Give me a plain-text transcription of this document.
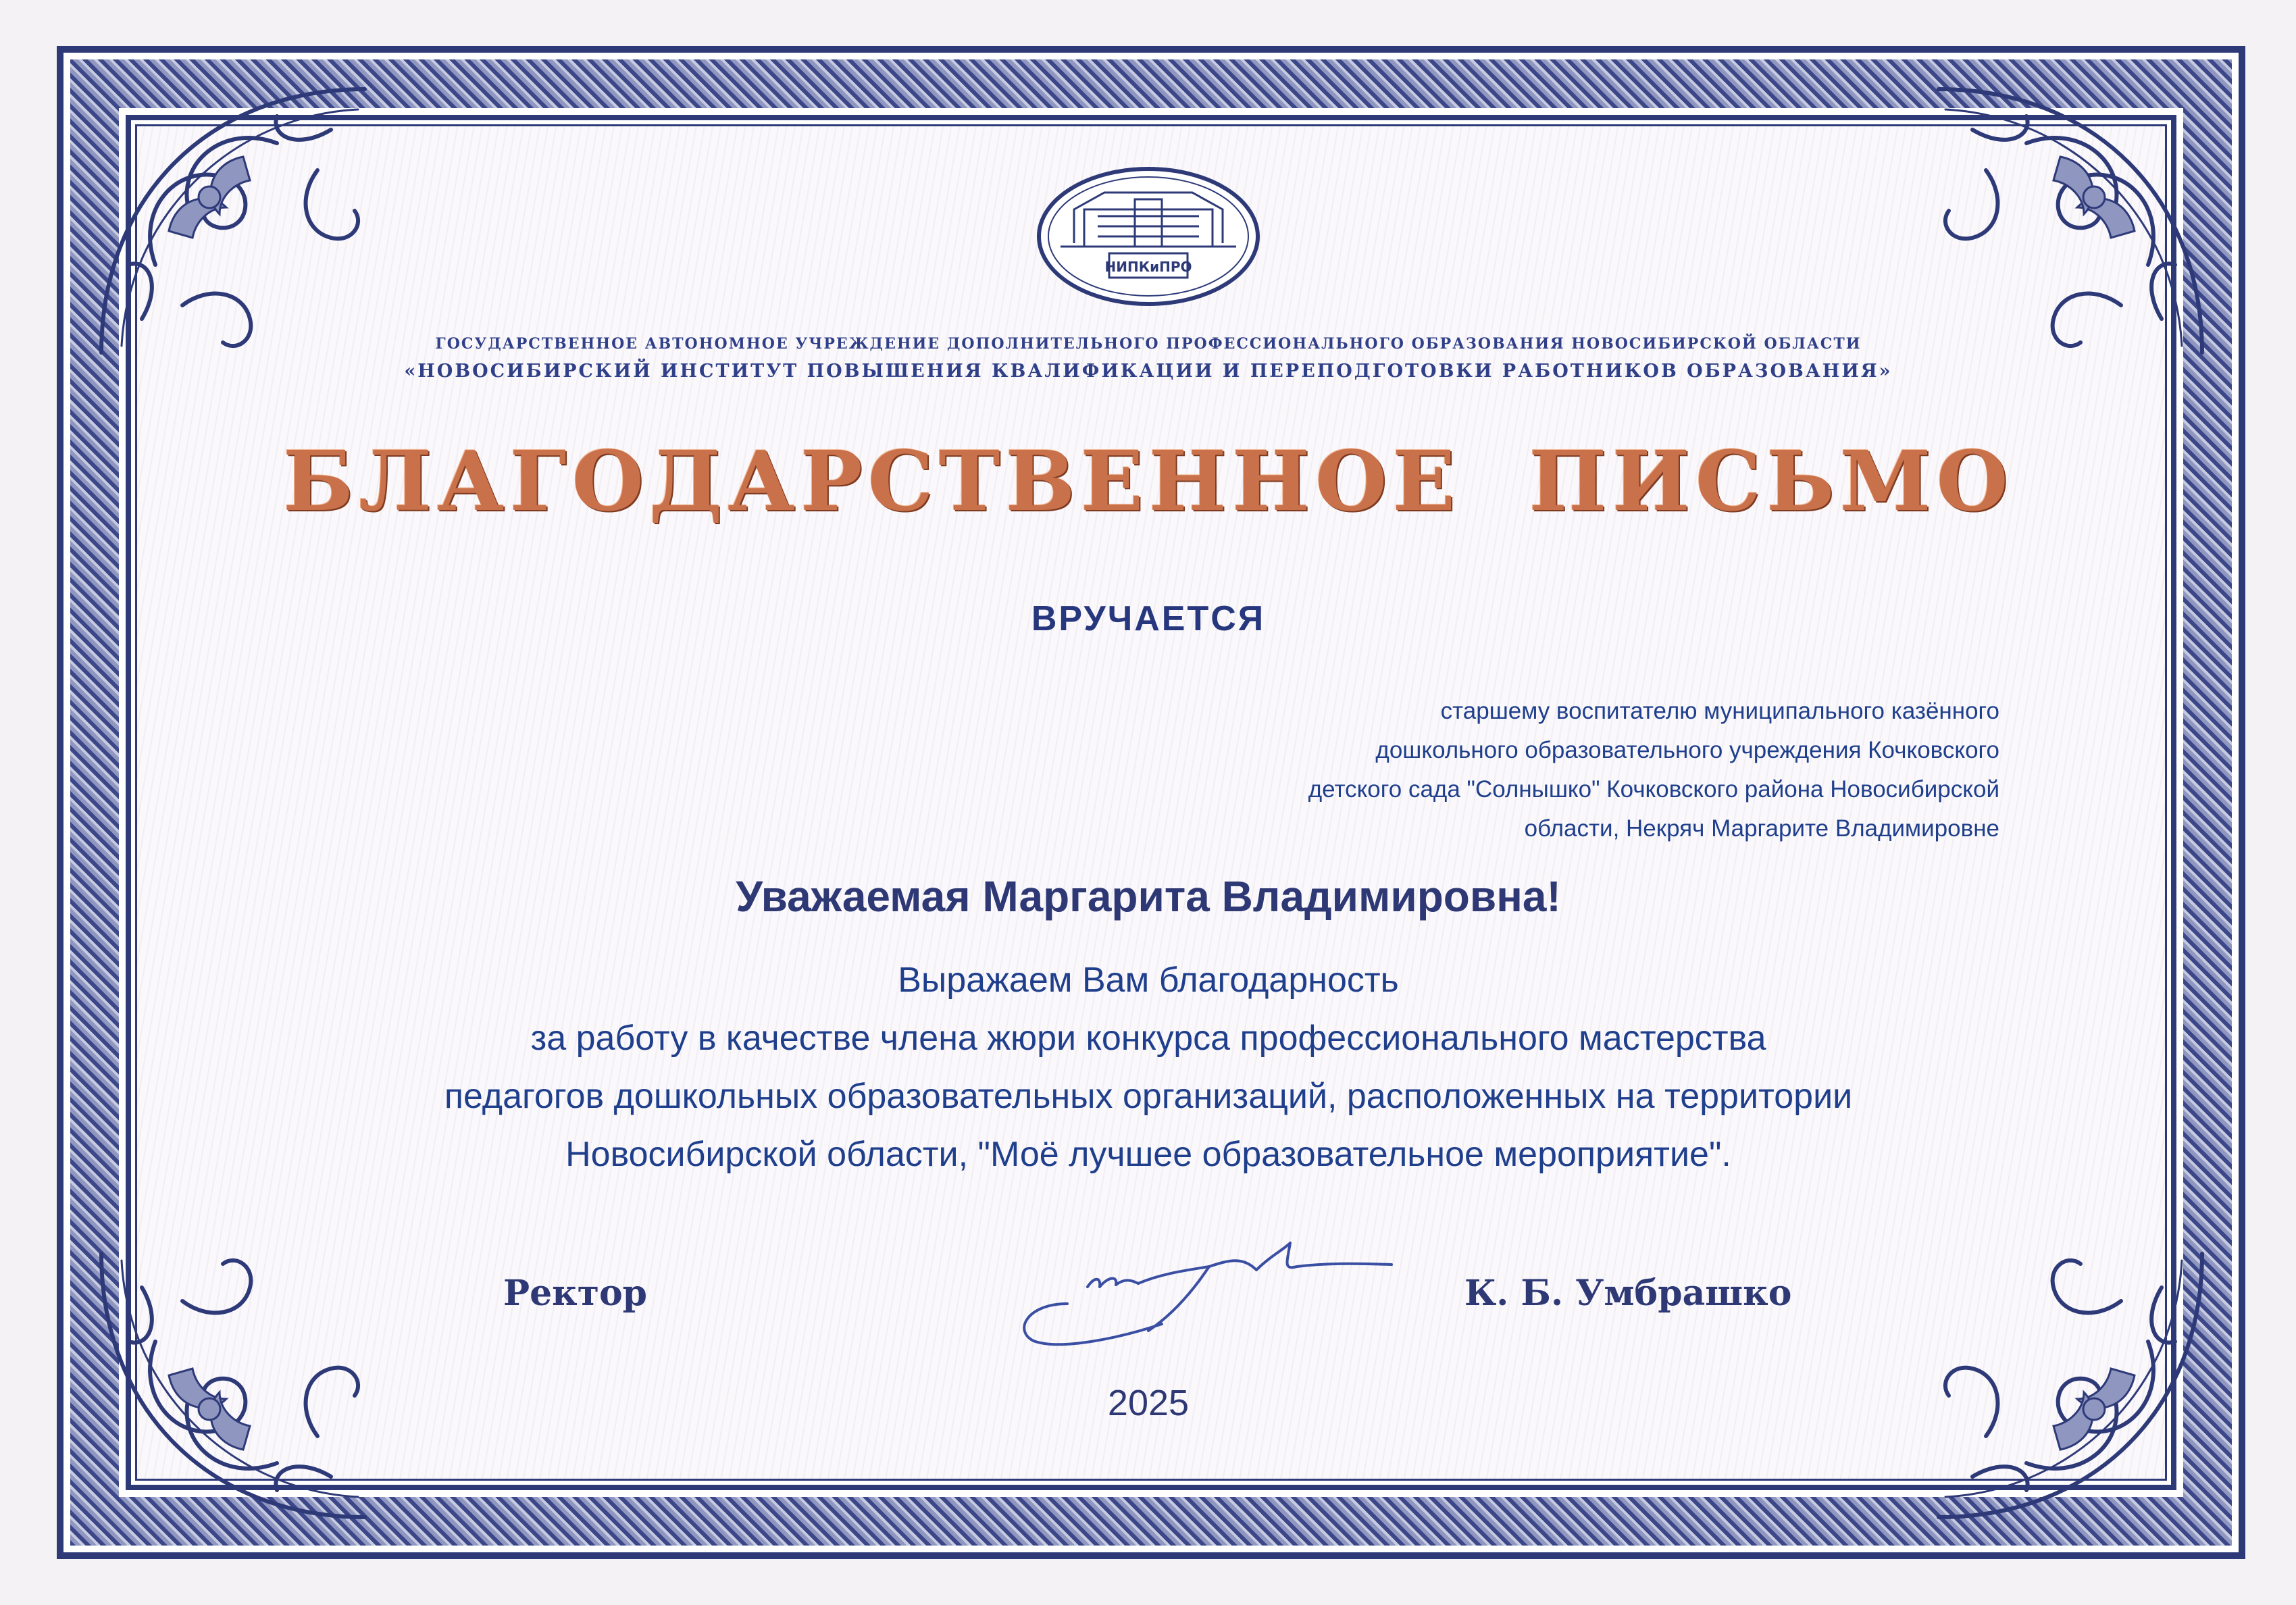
НИПКиПРО
ГОСУДАРСТВЕННОЕ АВТОНОМНОЕ УЧРЕЖДЕНИЕ ДОПОЛНИТЕЛЬНОГО ПРОФЕССИОНАЛЬНОГО ОБРАЗОВАНИЯ НОВОСИБИРСКОЙ ОБЛАСТИ
«НОВОСИБИРСКИЙ ИНСТИТУТ ПОВЫШЕНИЯ КВАЛИФИКАЦИИ И ПЕРЕПОДГОТОВКИ РАБОТНИКОВ ОБРАЗОВАНИЯ»
БЛАГОДАРСТВЕННОЕ  ПИСЬМО
ВРУЧАЕТСЯ
старшему воспитателю муниципального казённого
дошкольного образовательного учреждения Кочковского
детского сада "Солнышко" Кочковского района Новосибирской
области, Некряч Маргарите Владимировне
Уважаемая Маргарита Владимировна!
Выражаем Вам благодарность
за работу в качестве члена жюри конкурса профессионального мастерства
педагогов дошкольных образовательных организаций, расположенных на территории
Новосибирской области, "Моё лучшее образовательное мероприятие".
Ректор	К. Б. Умбрашко
2025
